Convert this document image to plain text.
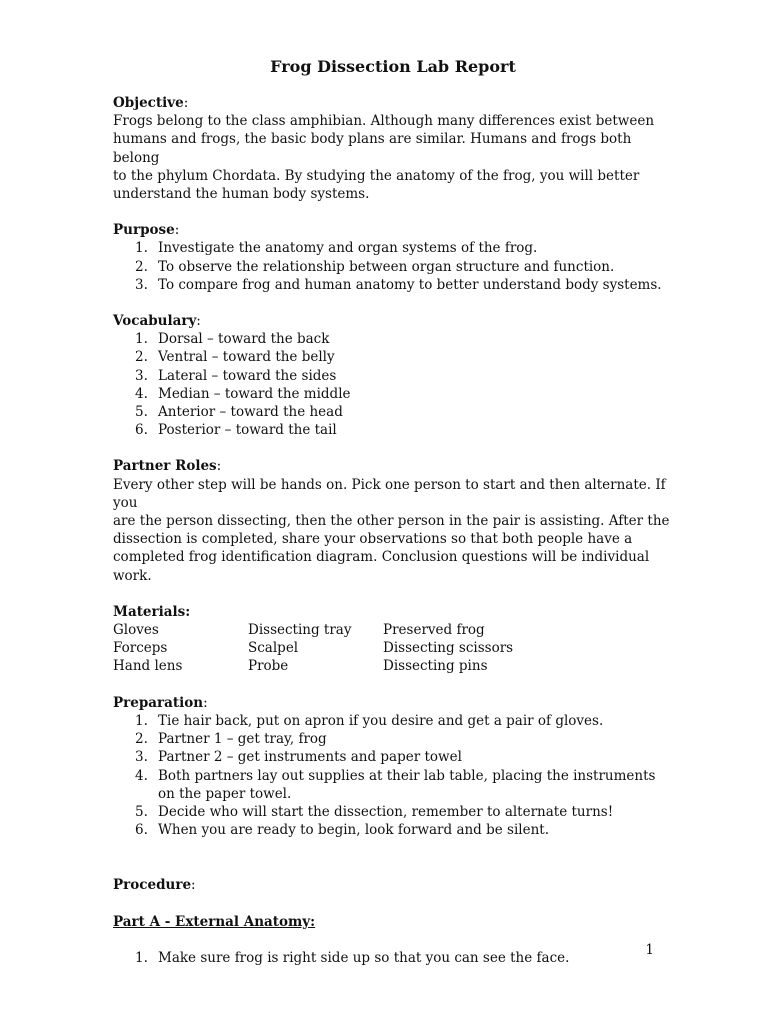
Frog Dissection Lab Report
Objective:
Frogs belong to the class amphibian. Although many differences exist between
humans and frogs, the basic body plans are similar. Humans and frogs both belong
to the phylum Chordata. By studying the anatomy of the frog, you will better
understand the human body systems.
Purpose:
1. Investigate the anatomy and organ systems of the frog.
2. To observe the relationship between organ structure and function.
3. To compare frog and human anatomy to better understand body systems.
Vocabulary:
1. Dorsal – toward the back
2. Ventral – toward the belly
3. Lateral – toward the sides
4. Median – toward the middle
5. Anterior – toward the head
6. Posterior – toward the tail
Partner Roles:
Every other step will be hands on. Pick one person to start and then alternate. If you
are the person dissecting, then the other person in the pair is assisting. After the
dissection is completed, share your observations so that both people have a
completed frog identification diagram. Conclusion questions will be individual work.
Materials:
Gloves	Dissecting tray	Preserved frog
Forceps	Scalpel	Dissecting scissors
Hand lens	Probe	Dissecting pins
Preparation:
1. Tie hair back, put on apron if you desire and get a pair of gloves.
2. Partner 1 – get tray, frog
3. Partner 2 – get instruments and paper towel
4. Both partners lay out supplies at their lab table, placing the instruments on the paper towel.
5. Decide who will start the dissection, remember to alternate turns!
6. When you are ready to begin, look forward and be silent.
Procedure:
Part A - External Anatomy:
1. Make sure frog is right side up so that you can see the face.	1
